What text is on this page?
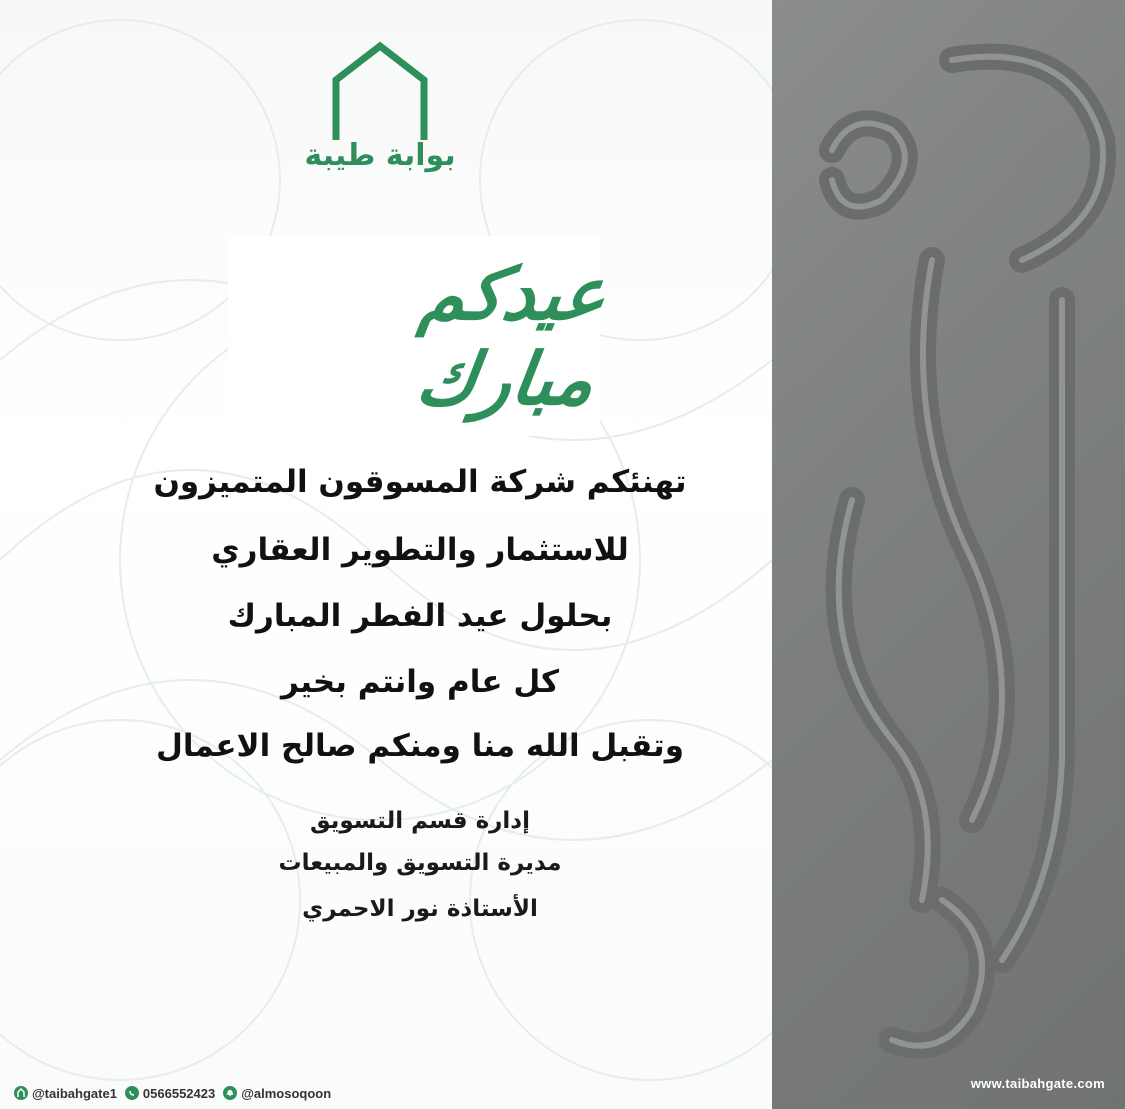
www.taibahgate.com
بوابة طيبة
عيدكم مبارك
تهنئكم شركة المسوقون المتميزون
للاستثمار والتطوير العقاري
بحلول عيد الفطر المبارك
كل عام وانتم بخير
وتقبل الله منا ومنكم صالح الاعمال
إدارة قسم التسويق
مديرة التسويق والمبيعات
الأستاذة نور الاحمري
@taibahgate1 0566552423 @almosoqoon
